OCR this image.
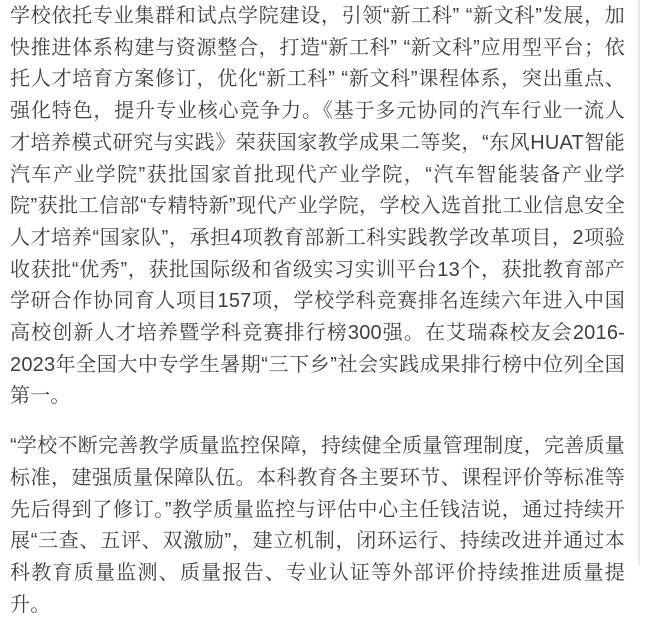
学校依托专业集群和试点学院建设，引领“新工科” “新文科”发展，加快推进体系构建与资源整合，打造“新工科” “新文科”应用型平台；依托人才培育方案修订，优化“新工科” “新文科”课程体系，突出重点、强化特色，提升专业核心竞争力。《基于多元协同的汽车行业一流人才培养模式研究与实践》荣获国家教学成果二等奖，“东风HUAT智能汽车产业学院”获批国家首批现代产业学院，“汽车智能装备产业学院”获批工信部“专精特新”现代产业学院，学校入选首批工业信息安全人才培养“国家队”，承担4项教育部新工科实践教学改革项目，2项验收获批“优秀”，获批国际级和省级实习实训平台13个，获批教育部产学研合作协同育人项目157项，学校学科竞赛排名连续六年进入中国高校创新人才培养暨学科竞赛排行榜300强。在艾瑞森校友会2016-2023年全国大中专学生暑期“三下乡”社会实践成果排行榜中位列全国第一。

“学校不断完善教学质量监控保障，持续健全质量管理制度，完善质量标准，建强质量保障队伍。本科教育各主要环节、课程评价等标准等先后得到了修订。”教学质量监控与评估中心主任钱洁说，通过持续开展“三查、五评、双激励”，建立机制，闭环运行、持续改进并通过本科教育质量监测、质量报告、专业认证等外部评价持续推进质量提升。
